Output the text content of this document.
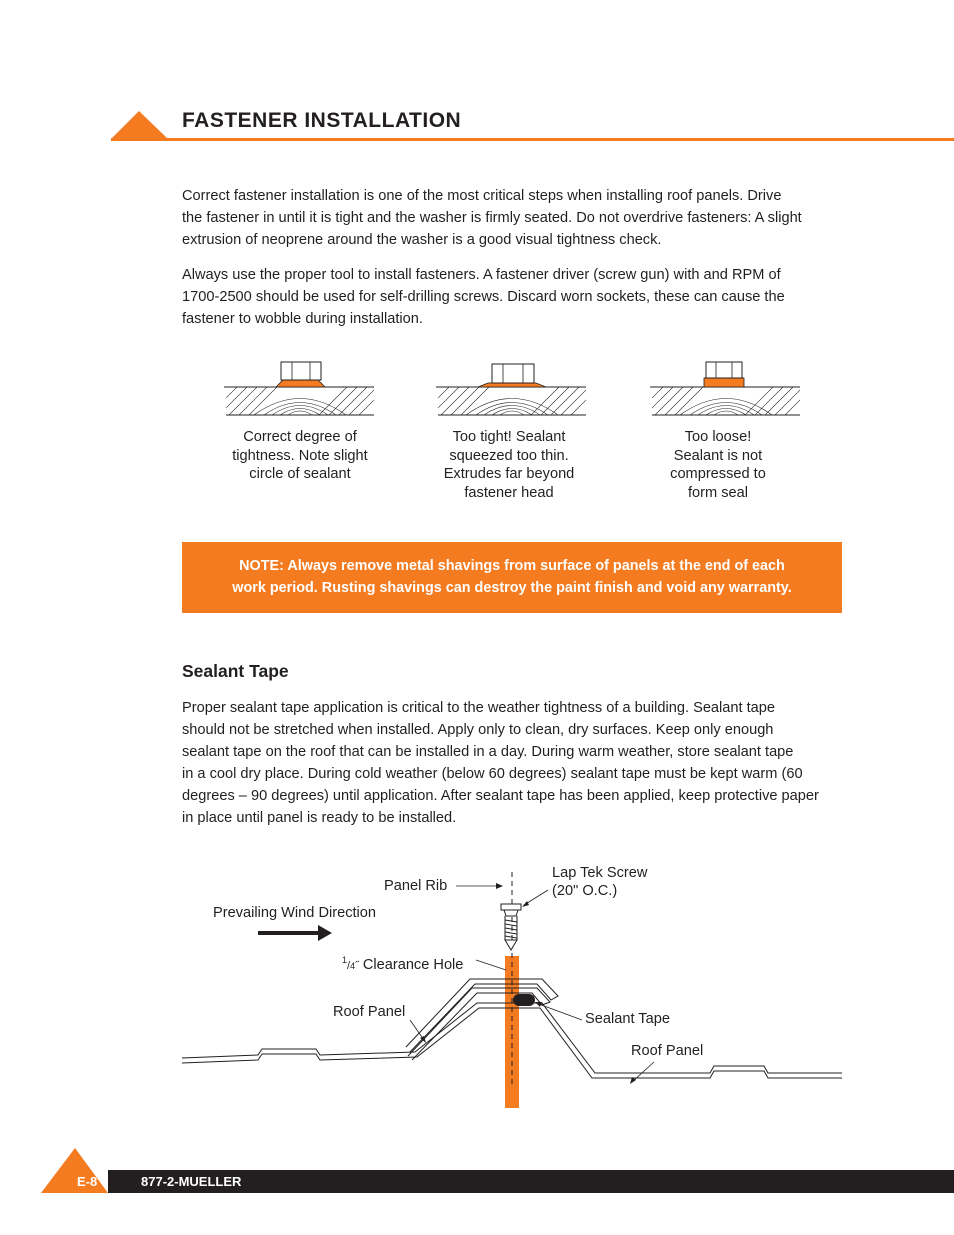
FASTENER INSTALLATION

Correct fastener installation is one of the most critical steps when installing roof panels. Drive
the fastener in until it is tight and the washer is firmly seated. Do not overdrive fasteners: A slight
extrusion of neoprene around the washer is a good visual tightness check.

Always use the proper tool to install fasteners. A fastener driver (screw gun) with and RPM of
1700-2500 should be used for self-drilling screws. Discard worn sockets, these can cause the
fastener to wobble during installation.

Correct degree of
tightness. Note slight
circle of sealant
Too tight! Sealant
squeezed too thin.
Extrudes far beyond
fastener head
Too loose!
Sealant is not
compressed to
form seal
NOTE: Always remove metal shavings from surface of panels at the end of each
work period. Rusting shavings can destroy the paint finish and void any warranty.
Sealant Tape

Proper sealant tape application is critical to the weather tightness of a building. Sealant tape
should not be stretched when installed. Apply only to clean, dry surfaces. Keep only enough
sealant tape on the roof that can be installed in a day. During warm weather, store sealant tape
in a cool dry place. During cold weather (below 60 degrees) sealant tape must be kept warm (60
degrees – 90 degrees) until application. After sealant tape has been applied, keep protective paper
in place until panel is ready to be installed.

Panel Rib
Lap Tek Screw
(20" O.C.)
Prevailing Wind Direction
$^1$/4˝ Clearance Hole
Roof Panel	Sealant Tape
Roof Panel
E-8	877-2-MUELLER
